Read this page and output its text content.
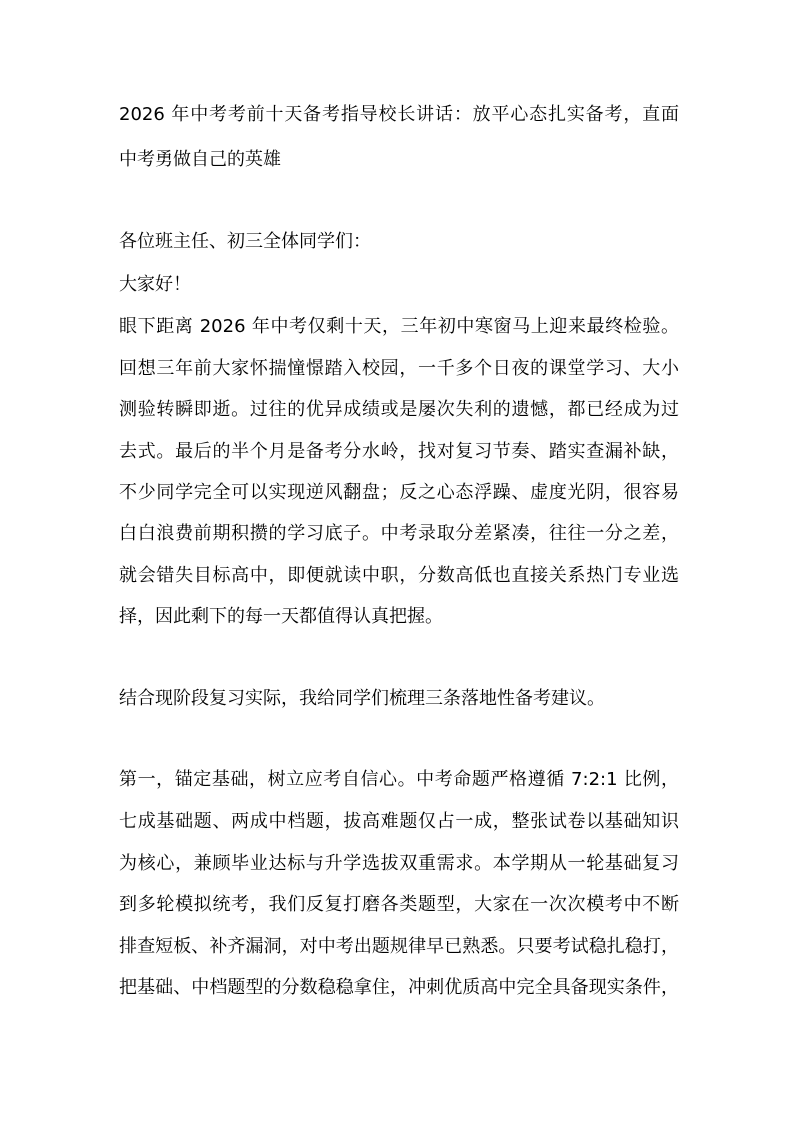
2026 年中考考前十天备考指导校长讲话：放平心态扎实备考，直面
中考勇做自己的英雄
各位班主任、初三全体同学们：
大家好！
眼下距离 2026 年中考仅剩十天，三年初中寒窗马上迎来最终检验。
回想三年前大家怀揣憧憬踏入校园，一千多个日夜的课堂学习、大小
测验转瞬即逝。过往的优异成绩或是屡次失利的遗憾，都已经成为过
去式。最后的半个月是备考分水岭，找对复习节奏、踏实查漏补缺，
不少同学完全可以实现逆风翻盘；反之心态浮躁、虚度光阴，很容易
白白浪费前期积攒的学习底子。中考录取分差紧凑，往往一分之差，
就会错失目标高中，即便就读中职，分数高低也直接关系热门专业选
择，因此剩下的每一天都值得认真把握。
结合现阶段复习实际，我给同学们梳理三条落地性备考建议。
第一，锚定基础，树立应考自信心。中考命题严格遵循 7:2:1 比例，
七成基础题、两成中档题，拔高难题仅占一成，整张试卷以基础知识
为核心，兼顾毕业达标与升学选拔双重需求。本学期从一轮基础复习
到多轮模拟统考，我们反复打磨各类题型，大家在一次次模考中不断
排查短板、补齐漏洞，对中考出题规律早已熟悉。只要考试稳扎稳打，
把基础、中档题型的分数稳稳拿住，冲刺优质高中完全具备现实条件，
